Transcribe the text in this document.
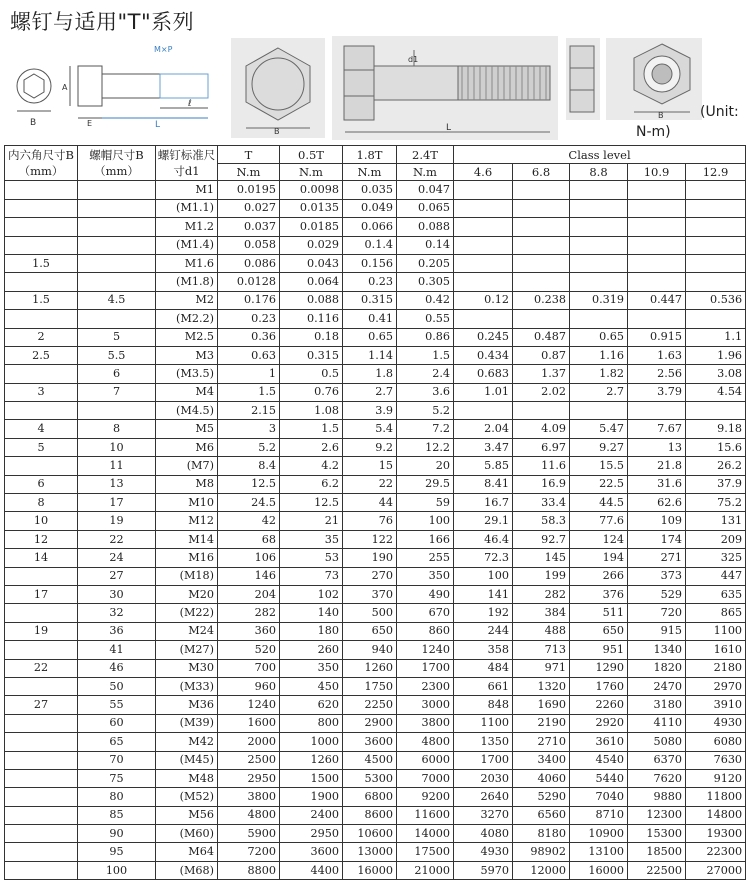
螺钉与适用"T"系列
B
M×P
A
E	L
ℓ
B
d1
L
B	(Unit:
N-m)
内六角尺寸B（mm）	螺帽尺寸B（mm）	螺钉标准尺寸d1	T	0.5T	1.8T	2.4T	Class level				
			N.m	N.m	N.m	N.m	4.6	6.8	8.8	10.9	12.9
		M1	0.0195	0.0098	0.035	0.047					
		(M1.1)	0.027	0.0135	0.049	0.065					
		M1.2	0.037	0.0185	0.066	0.088					
		(M1.4)	0.058	0.029	0.1.4	0.14					
1.5		M1.6	0.086	0.043	0.156	0.205					
		(M1.8)	0.0128	0.064	0.23	0.305					
1.5	4.5	M2	0.176	0.088	0.315	0.42	0.12	0.238	0.319	0.447	0.536
		(M2.2)	0.23	0.116	0.41	0.55					
2	5	M2.5	0.36	0.18	0.65	0.86	0.245	0.487	0.65	0.915	1.1
2.5	5.5	M3	0.63	0.315	1.14	1.5	0.434	0.87	1.16	1.63	1.96
	6	(M3.5)	1	0.5	1.8	2.4	0.683	1.37	1.82	2.56	3.08
3	7	M4	1.5	0.76	2.7	3.6	1.01	2.02	2.7	3.79	4.54
		(M4.5)	2.15	1.08	3.9	5.2					
4	8	M5	3	1.5	5.4	7.2	2.04	4.09	5.47	7.67	9.18
5	10	M6	5.2	2.6	9.2	12.2	3.47	6.97	9.27	13	15.6
	11	(M7)	8.4	4.2	15	20	5.85	11.6	15.5	21.8	26.2
6	13	M8	12.5	6.2	22	29.5	8.41	16.9	22.5	31.6	37.9
8	17	M10	24.5	12.5	44	59	16.7	33.4	44.5	62.6	75.2
10	19	M12	42	21	76	100	29.1	58.3	77.6	109	131
12	22	M14	68	35	122	166	46.4	92.7	124	174	209
14	24	M16	106	53	190	255	72.3	145	194	271	325
	27	(M18)	146	73	270	350	100	199	266	373	447
17	30	M20	204	102	370	490	141	282	376	529	635
	32	(M22)	282	140	500	670	192	384	511	720	865
19	36	M24	360	180	650	860	244	488	650	915	1100
	41	(M27)	520	260	940	1240	358	713	951	1340	1610
22	46	M30	700	350	1260	1700	484	971	1290	1820	2180
	50	(M33)	960	450	1750	2300	661	1320	1760	2470	2970
27	55	M36	1240	620	2250	3000	848	1690	2260	3180	3910
	60	(M39)	1600	800	2900	3800	1100	2190	2920	4110	4930
	65	M42	2000	1000	3600	4800	1350	2710	3610	5080	6080
	70	(M45)	2500	1260	4500	6000	1700	3400	4540	6370	7630
	75	M48	2950	1500	5300	7000	2030	4060	5440	7620	9120
	80	(M52)	3800	1900	6800	9200	2640	5290	7040	9880	11800
	85	M56	4800	2400	8600	11600	3270	6560	8710	12300	14800
	90	(M60)	5900	2950	10600	14000	4080	8180	10900	15300	19300
	95	M64	7200	3600	13000	17500	4930	98902	13100	18500	22300
	100	(M68)	8800	4400	16000	21000	5970	12000	16000	22500	27000
